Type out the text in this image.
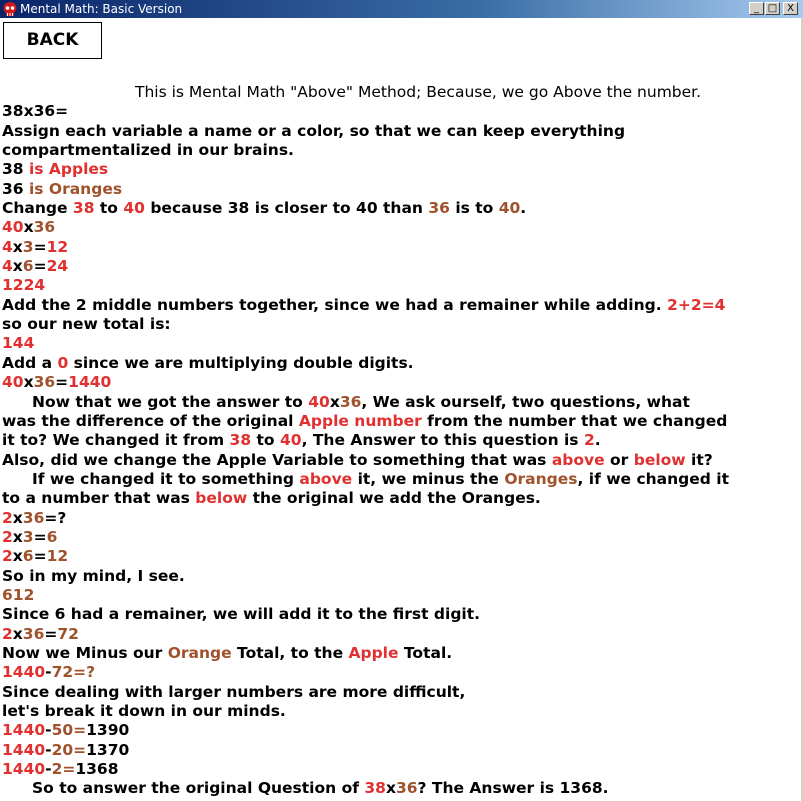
Mental Math: Basic Version	_ □ X
BACK
This is Mental Math "Above" Method; Because, we go Above the number.
38x36=
Assign each variable a name or a color, so that we can keep everything
compartmentalized in our brains.
38 is Apples
36 is Oranges
Change 38 to 40 because 38 is closer to 40 than 36 is to 40.
40x36
4x3=12
4x6=24
1224
Add the 2 middle numbers together, since we had a remainer while adding. 2+2=4
so our new total is:
144
Add a 0 since we are multiplying double digits.
40x36=1440
Now that we got the answer to 40x36, We ask ourself, two questions, what
was the difference of the original Apple number from the number that we changed
it to? We changed it from 38 to 40, The Answer to this question is 2.
Also, did we change the Apple Variable to something that was above or below it?
If we changed it to something above it, we minus the Oranges, if we changed it
to a number that was below the original we add the Oranges.
2x36=?
2x3=6
2x6=12
So in my mind, I see.
612
Since 6 had a remainer, we will add it to the first digit.
2x36=72
Now we Minus our Orange Total, to the Apple Total.
1440-72=?
Since dealing with larger numbers are more difficult,
let's break it down in our minds.
1440-50=1390
1440-20=1370
1440-2=1368
So to answer the original Question of 38x36? The Answer is 1368.
